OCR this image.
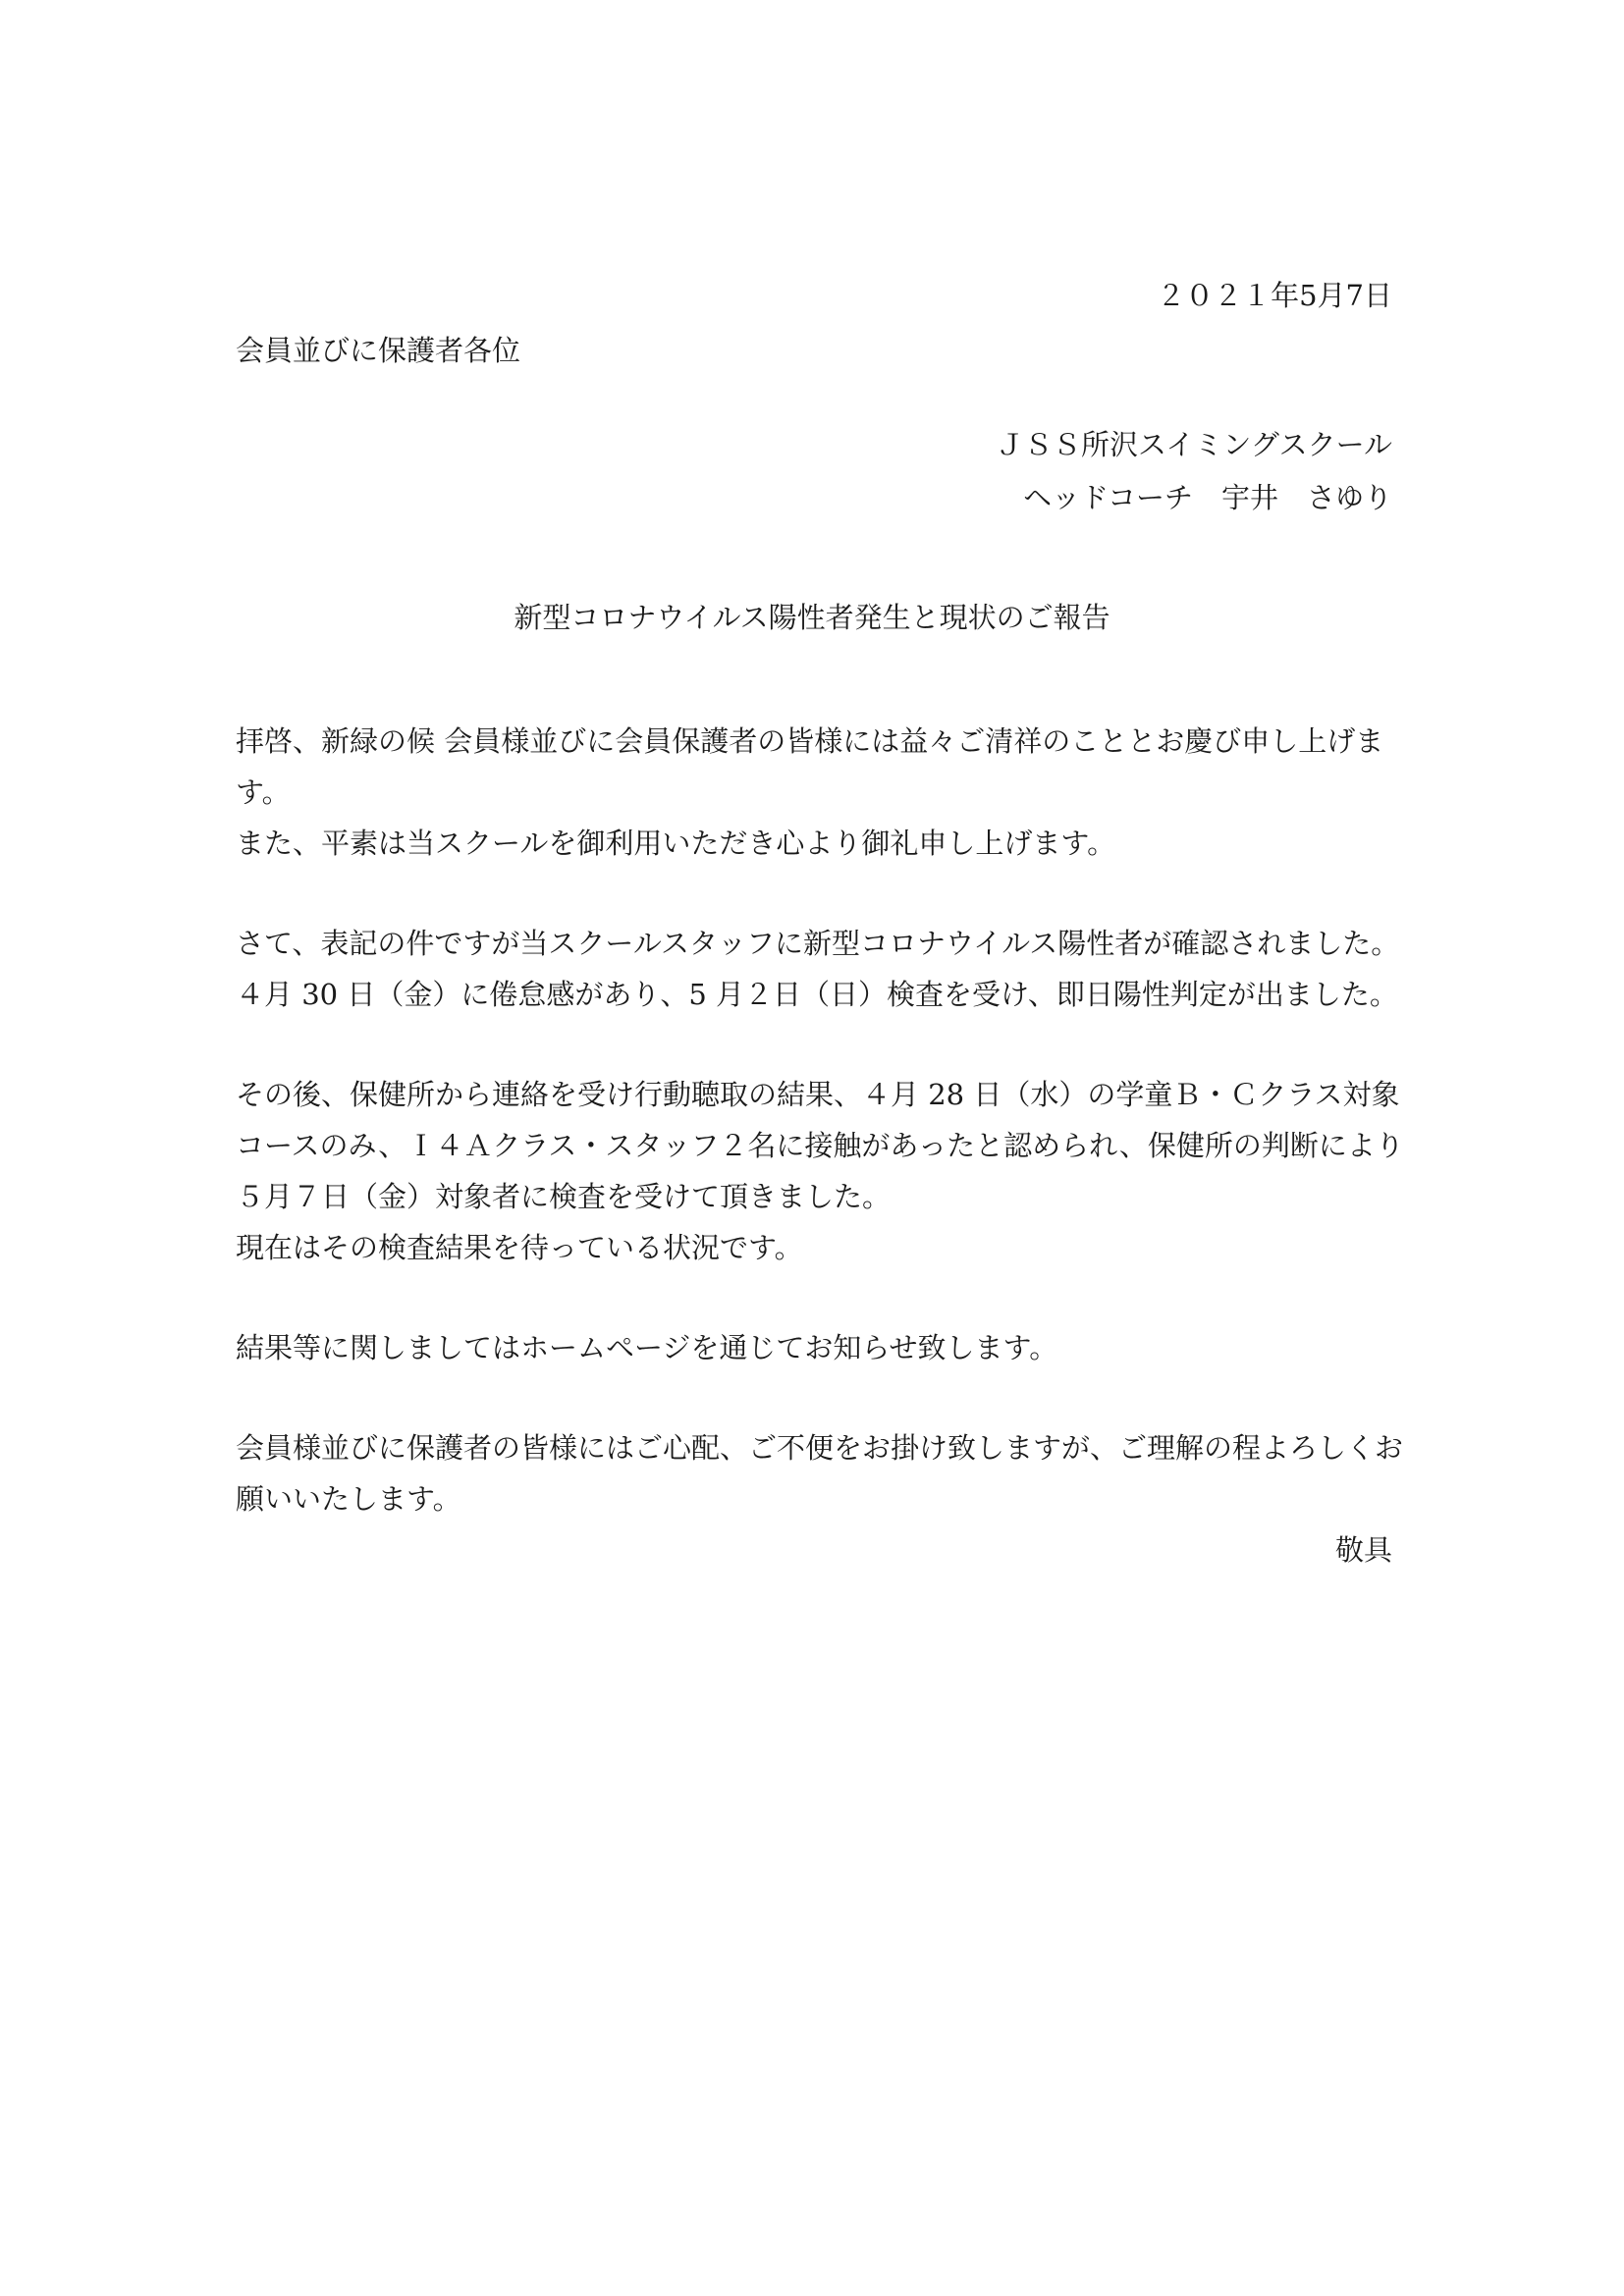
２０２１年5月7日
会員並びに保護者各位
ＪＳＳ所沢スイミングスクール
ヘッドコーチ　宇井　さゆり
新型コロナウイルス陽性者発生と現状のご報告
拝啓、新緑の候 会員様並びに会員保護者の皆様には益々ご清祥のこととお慶び申し上げま
す。
また、平素は当スクールを御利用いただき心より御礼申し上げます。
さて、表記の件ですが当スクールスタッフに新型コロナウイルス陽性者が確認されました。
４月 30 日（金）に倦怠感があり、5 月２日（日）検査を受け、即日陽性判定が出ました。
その後、保健所から連絡を受け行動聴取の結果、４月 28 日（水）の学童Ｂ・Ｃクラス対象
コースのみ、Ｉ４Ａクラス・スタッフ２名に接触があったと認められ、保健所の判断により
５月７日（金）対象者に検査を受けて頂きました。
現在はその検査結果を待っている状況です。
結果等に関しましてはホームページを通じてお知らせ致します。
会員様並びに保護者の皆様にはご心配、ご不便をお掛け致しますが、ご理解の程よろしくお
願いいたします。
敬具
